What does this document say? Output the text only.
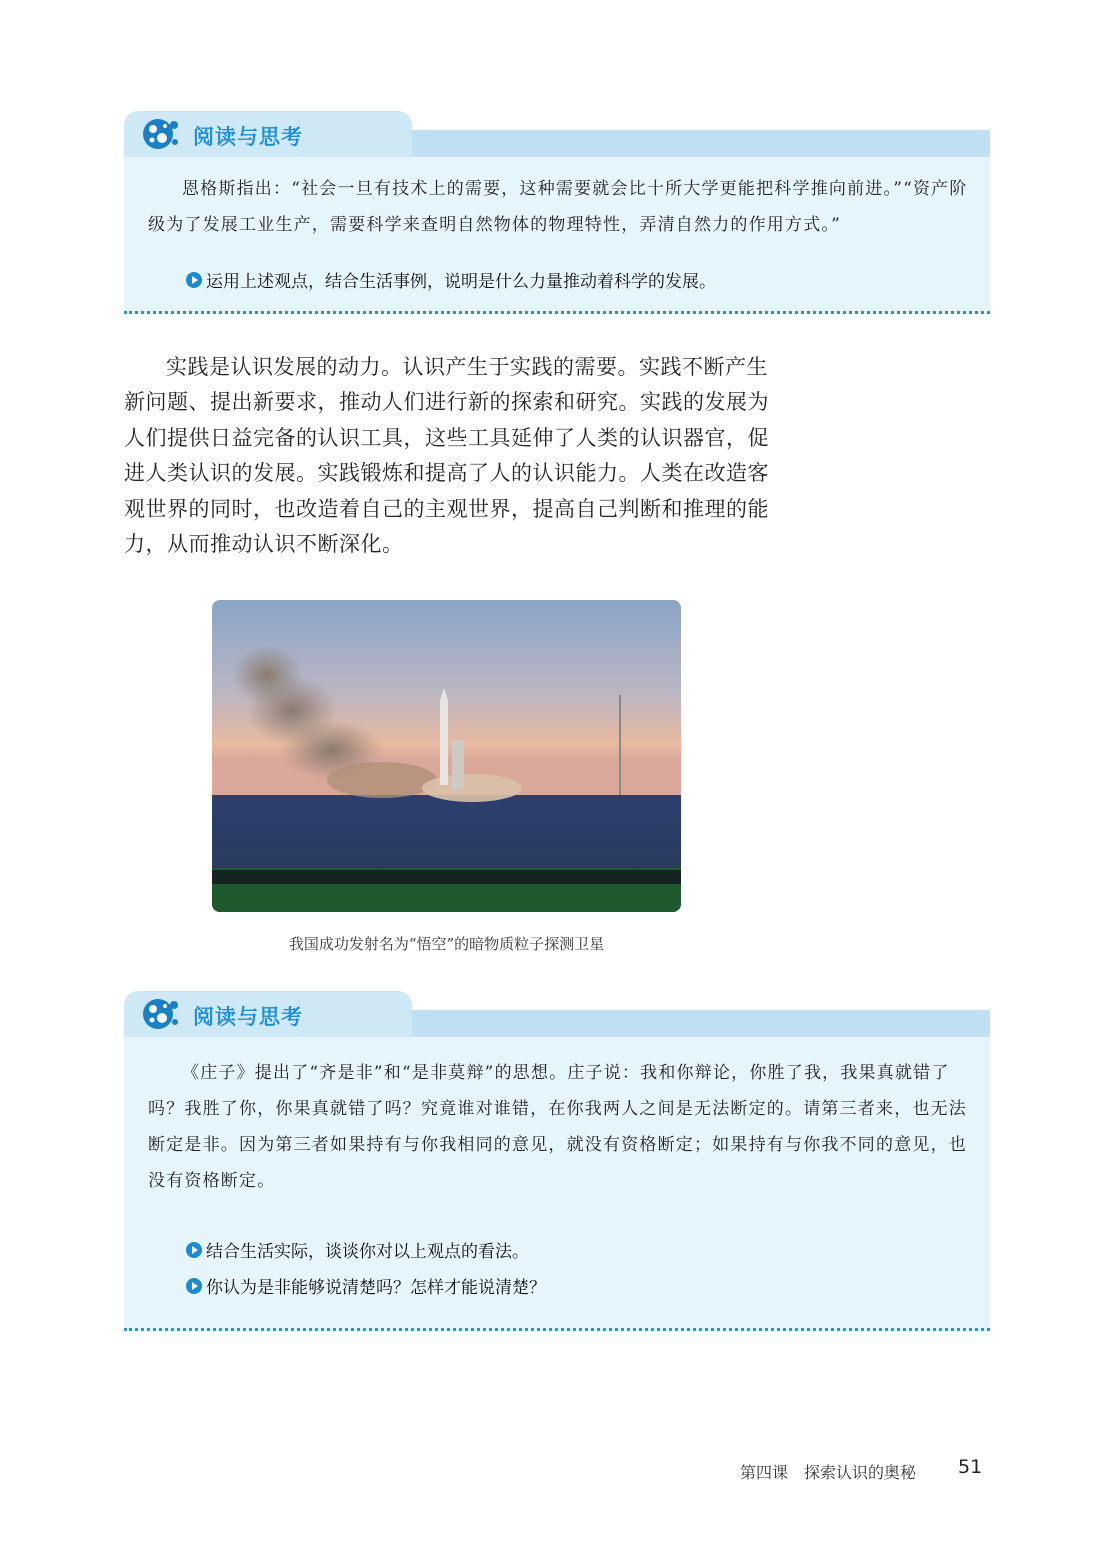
阅读与思考
恩格斯指出：“社会一旦有技术上的需要，这种需要就会比十所大学更能把科学推向前进。”“资产阶级为了发展工业生产，需要科学来查明自然物体的物理特性，弄清自然力的作用方式。”
运用上述观点，结合生活事例，说明是什么力量推动着科学的发展。

实践是认识发展的动力。认识产生于实践的需要。实践不断产生新问题、提出新要求，推动人们进行新的探索和研究。实践的发展为人们提供日益完备的认识工具，这些工具延伸了人类的认识器官，促进人类认识的发展。实践锻炼和提高了人的认识能力。人类在改造客观世界的同时，也改造着自己的主观世界，提高自己判断和推理的能力，从而推动认识不断深化。

我国成功发射名为“悟空”的暗物质粒子探测卫星
阅读与思考
《庄子》提出了“齐是非”和“是非莫辩”的思想。庄子说：我和你辩论，你胜了我，我果真就错了吗？我胜了你，你果真就错了吗？究竟谁对谁错，在你我两人之间是无法断定的。请第三者来，也无法断定是非。因为第三者如果持有与你我相同的意见，就没有资格断定；如果持有与你我不同的意见，也没有资格断定。
结合生活实际，谈谈你对以上观点的看法。
你认为是非能够说清楚吗？怎样才能说清楚？
第四课　探索认识的奥秘 51
